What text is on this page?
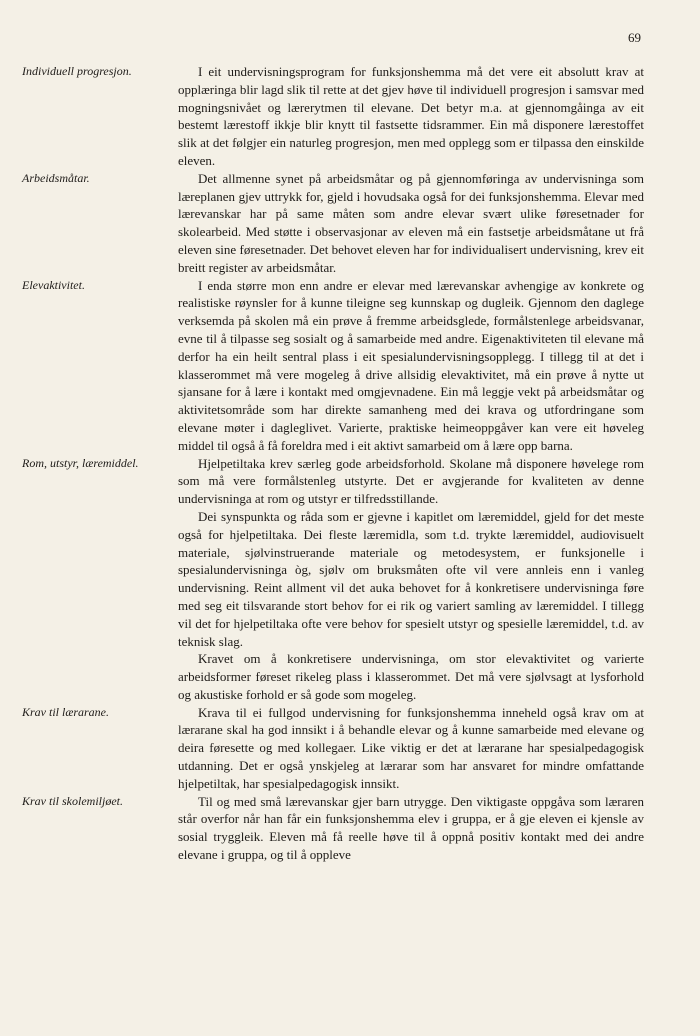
69
Individuell progresjon.	I eit undervisningsprogram for funksjonshemma må det vere eit absolutt krav at opplæringa blir lagd slik til rette at det gjev høve til individuell progresjon i samsvar med mogningsnivået og lærerytmen til elevane. Det betyr m.a. at gjennomgåinga av eit bestemt lærestoff ikkje blir knytt til fastsette tidsrammer. Ein må disponere lærestoffet slik at det følgjer ein naturleg progresjon, men med opplegg som er tilpassa den einskilde eleven.

Arbeidsmåtar.	Det allmenne synet på arbeidsmåtar og på gjennomføringa av undervisninga som læreplanen gjev uttrykk for, gjeld i hovudsaka også for dei funksjonshemma. Elevar med lærevanskar har på same måten som andre elevar svært ulike føresetnader for skolearbeid. Med støtte i observasjonar av eleven må ein fastsetje arbeidsmåtane ut frå eleven sine føresetnader. Det behovet eleven har for individualisert undervisning, krev eit breitt register av arbeidsmåtar.

Elevaktivitet.	I enda større mon enn andre er elevar med lærevanskar avhengige av konkrete og realistiske røynsler for å kunne tileigne seg kunnskap og dugleik. Gjennom den daglege verksemda på skolen må ein prøve å fremme arbeidsglede, formålstenlege arbeidsvanar, evne til å tilpasse seg sosialt og å samarbeide med andre. Eigenaktiviteten til elevane må derfor ha ein heilt sentral plass i eit spesialundervisningsopplegg. I tillegg til at det i klasserommet må vere mogeleg å drive allsidig elevaktivitet, må ein prøve å nytte ut sjansane for å lære i kontakt med omgjevnadene. Ein må leggje vekt på arbeidsmåtar og aktivitetsområde som har direkte samanheng med dei krava og utfordringane som elevane møter i dagleglivet. Varierte, praktiske heimeoppgåver kan vere eit høveleg middel til også å få foreldra med i eit aktivt samarbeid om å lære opp barna.

Rom, utstyr, læremiddel.	Hjelpetiltaka krev særleg gode arbeidsforhold. Skolane må disponere høvelege rom som må vere formålstenleg utstyrte. Det er avgjerande for kvaliteten av denne undervisninga at rom og utstyr er tilfredsstillande.

Dei synspunkta og råda som er gjevne i kapitlet om læremiddel, gjeld for det meste også for hjelpetiltaka. Dei fleste læremidla, som t.d. trykte læremiddel, audiovisuelt materiale, sjølvinstruerande materiale og metodesystem, er funksjonelle i spesialundervisninga òg, sjølv om bruksmåten ofte vil vere annleis enn i vanleg undervisning. Reint allment vil det auka behovet for å konkretisere undervisninga føre med seg eit tilsvarande stort behov for ei rik og variert samling av læremiddel. I tillegg vil det for hjelpetiltaka ofte vere behov for spesielt utstyr og spesielle læremiddel, t.d. av teknisk slag.

Kravet om å konkretisere undervisninga, om stor elevaktivitet og varierte arbeidsformer føreset rikeleg plass i klasserommet. Det må vere sjølvsagt at lysforhold og akustiske forhold er så gode som mogeleg.

Krav til lærarane.	Krava til ei fullgod undervisning for funksjonshemma inneheld også krav om at lærarane skal ha god innsikt i å behandle elevar og å kunne samarbeide med elevane og deira føresette og med kollegaer. Like viktig er det at lærarane har spesialpedagogisk utdanning. Det er også ynskjeleg at lærarar som har ansvaret for mindre omfattande hjelpetiltak, har spesialpedagogisk innsikt.

Krav til skolemiljøet.	Til og med små lærevanskar gjer barn utrygge. Den viktigaste oppgåva som læraren står overfor når han får ein funksjonshemma elev i gruppa, er å gje eleven ei kjensle av sosial tryggleik. Eleven må få reelle høve til å oppnå positiv kontakt med dei andre elevane i gruppa, og til å oppleve
